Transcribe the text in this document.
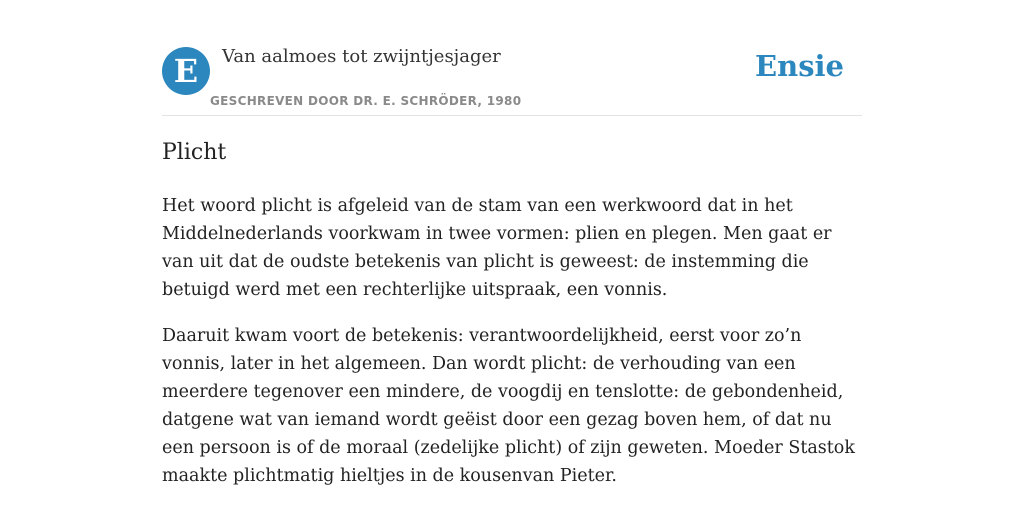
E	Van aalmoes tot zwijntjesjager
GESCHREVEN DOOR DR. E. SCHRÖDER, 1980
Ensie
Plicht

Het woord plicht is afgeleid van de stam van een werkwoord dat in het Middelnederlands voorkwam in twee vormen: plien en plegen. Men gaat er van uit dat de oudste betekenis van plicht is geweest: de instemming die betuigd werd met een rechterlijke uitspraak, een vonnis.

Daaruit kwam voort de betekenis: verantwoordelijkheid, eerst voor zo’n vonnis, later in het algemeen. Dan wordt plicht: de verhouding van een meerdere tegenover een mindere, de voogdij en tenslotte: de gebondenheid, datgene wat van iemand wordt geëist door een gezag boven hem, of dat nu een persoon is of de moraal (zedelijke plicht) of zijn geweten. Moeder Stastok maakte plichtmatig hieltjes in de kousenvan Pieter.
